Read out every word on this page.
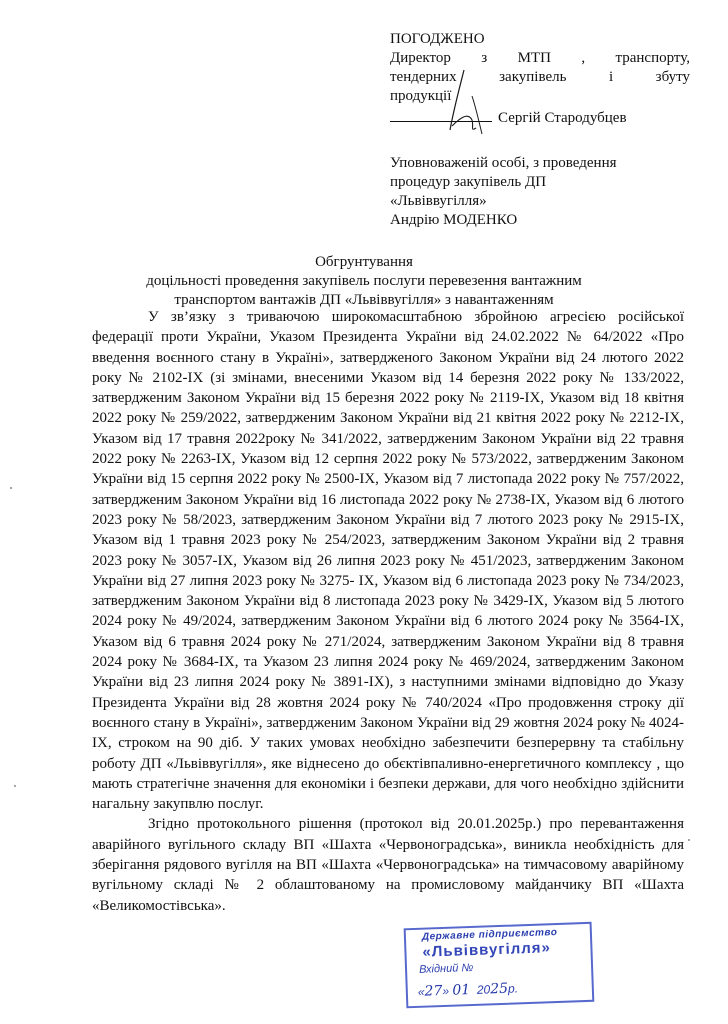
ПОГОДЖЕНО
Директор з МТП , транспорту,
тендерних закупівель і збуту
продукції
Сергій Стародубцев
Уповноваженій особі, з проведення
процедур закупівель ДП
«Львіввугілля»
Андрію МОДЕНКО
Обгрунтування
доцільності проведення закупівель послуги перевезення вантажним
транспортом вантажів ДП «Львіввугілля» з навантаженням

У зв’язку з триваючою широкомасштабною збройною агресією російської федерації проти України, Указом Президента України від 24.02.2022 № 64/2022 «Про введення воєнного стану в Україні», затвердженого Законом України від 24 лютого 2022 року № 2102-IX (зі змінами, внесеними Указом від 14 березня 2022 року № 133/2022, затвердженим Законом України від 15 березня 2022 року № 2119-IX, Указом від 18 квітня 2022 року № 259/2022, затвердженим Законом України від 21 квітня 2022 року № 2212-IX, Указом від 17 травня 2022року № 341/2022, затвердженим Законом України від 22 травня 2022 року № 2263-IX, Указом від 12 серпня 2022 року № 573/2022, затвердженим Законом України від 15 серпня 2022 року № 2500-IX, Указом від 7 листопада 2022 року № 757/2022, затвердженим Законом України від 16 листопада 2022 року № 2738-IX, Указом від 6 лютого 2023 року № 58/2023, затвердженим Законом України від 7 лютого 2023 року № 2915-IX, Указом від 1 травня 2023 року № 254/2023, затвердженим Законом України від 2 травня 2023 року № 3057-IX, Указом від 26 липня 2023 року № 451/2023, затвердженим Законом України від 27 липня 2023 року № 3275- IX, Указом від 6 листопада 2023 року № 734/2023, затвердженим Законом України від 8 листопада 2023 року № 3429-IX, Указом від 5 лютого 2024 року № 49/2024, затвердженим Законом України від 6 лютого 2024 року № 3564-IX, Указом від 6 травня 2024 року № 271/2024, затвердженим Законом України від 8 травня 2024 року № 3684-IX, та Указом 23 липня 2024 року № 469/2024, затвердженим Законом України від 23 липня 2024 року № 3891-IX), з наступними змінами відповідно до Указу Президента України від 28 жовтня 2024 року № 740/2024 «Про продовження строку дії воєнного стану в Україні», затвердженим Законом України від 29 жовтня 2024 року № 4024-IX, строком на 90 діб. У таких умовах необхідно забезпечити безперервну та стабільну роботу ДП «Львіввугілля», яке віднесено до обєктівпаливно-енергетичного комплексу , що мають стратегічне значення для економіки і безпеки держави, для чого необхідно здійснити нагальну закупвлю послуг.

Згідно протокольного рішення (протокол від 20.01.2025р.) про перевантаження аварійного вугільного складу ВП «Шахта «Червоноградська», виникла необхідність для зберігання рядового вугілля на ВП «Шахта «Червоноградська» на тимчасовому аварійному вугільному складі № 2 облаштованому на промисловому майданчику ВП «Шахта «Великомостівська».

Державне підприємство
«Львіввугілля»
Вхідний №
«27» 01 2025р.
